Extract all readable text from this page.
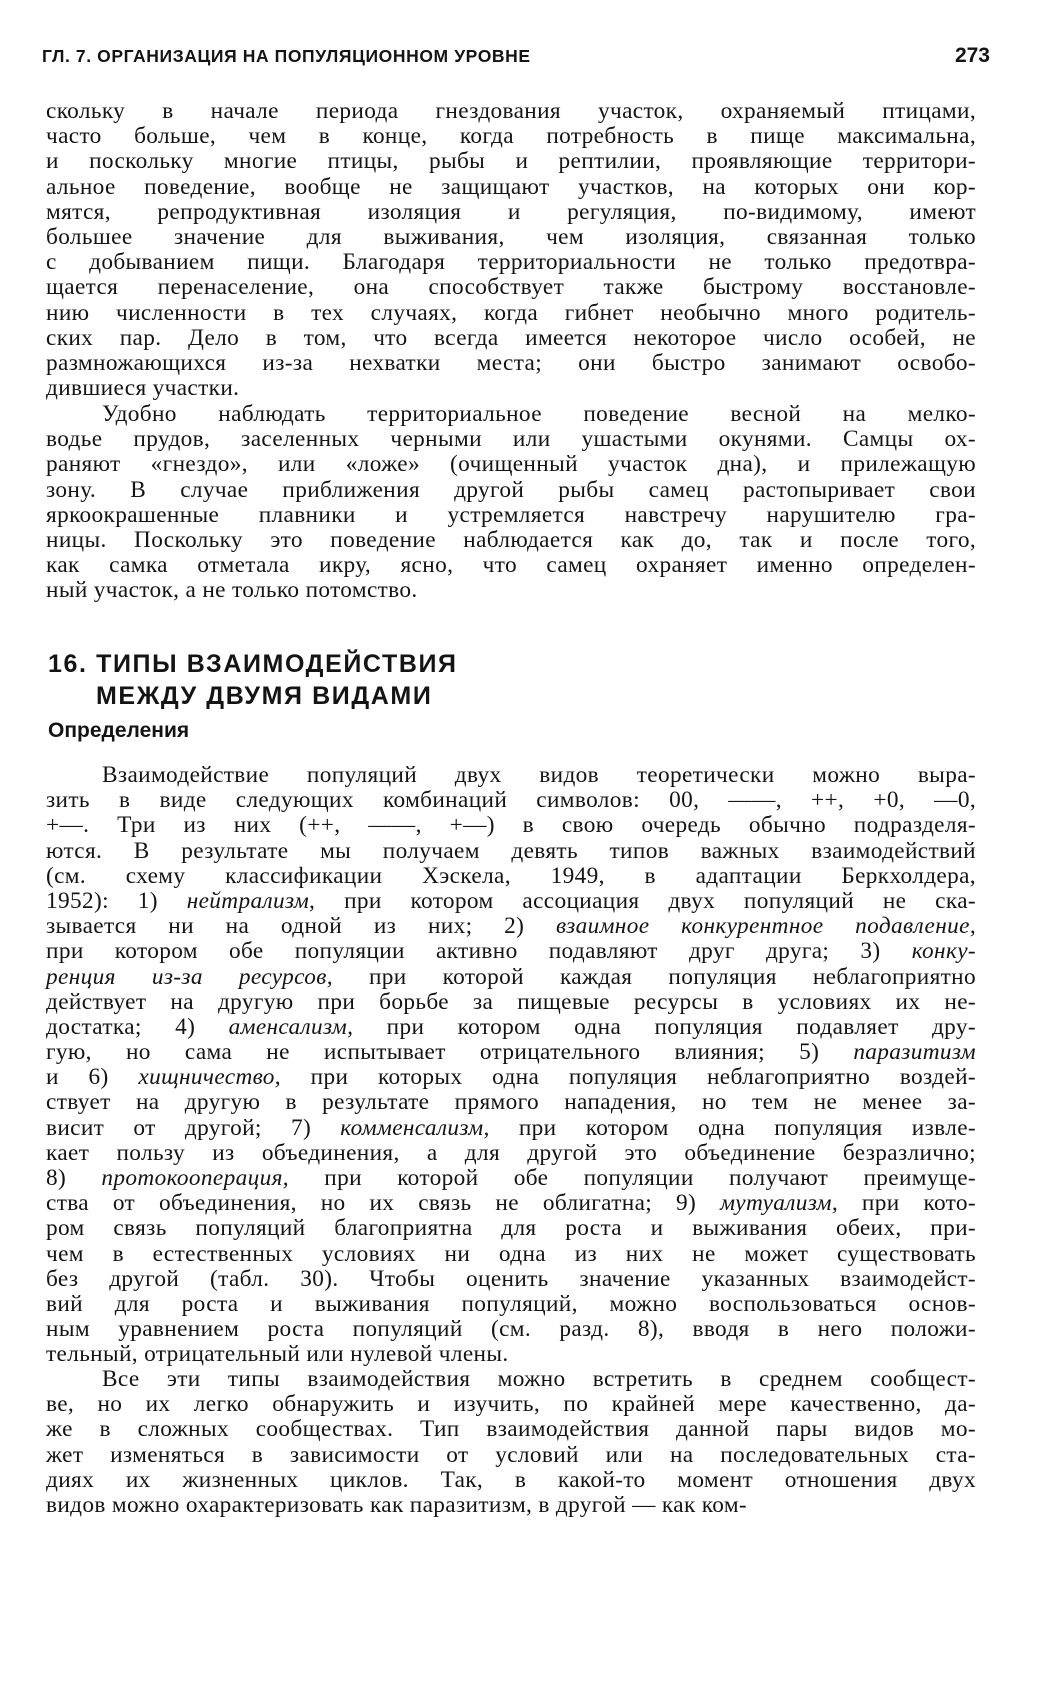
ГЛ. 7. ОРГАНИЗАЦИЯ НА ПОПУЛЯЦИОННОМ УРОВНЕ	273
скольку в начале периода гнездования участок, охраняемый птицами,
часто больше, чем в конце, когда потребность в пище максимальна,
и поскольку многие птицы, рыбы и рептилии, проявляющие территори-
альное поведение, вообще не защищают участков, на которых они кор-
мятся, репродуктивная изоляция и регуляция, по-видимому, имеют
большее значение для выживания, чем изоляция, связанная только
с добыванием пищи. Благодаря территориальности не только предотвра-
щается перенаселение, она способствует также быстрому восстановле-
нию численности в тех случаях, когда гибнет необычно много родитель-
ских пар. Дело в том, что всегда имеется некоторое число особей, не
размножающихся из-за нехватки места; они быстро занимают освобо-
дившиеся участки.
Удобно наблюдать территориальное поведение весной на мелко-
водье прудов, заселенных черными или ушастыми окунями. Самцы ох-
раняют «гнездо», или «ложе» (очищенный участок дна), и прилежащую
зону. В случае приближения другой рыбы самец растопыривает свои
яркоокрашенные плавники и устремляется навстречу нарушителю гра-
ницы. Поскольку это поведение наблюдается как до, так и после того,
как самка отметала икру, ясно, что самец охраняет именно определен-
ный участок, а не только потомство.
16. ТИПЫ ВЗАИМОДЕЙСТВИЯ
МЕЖДУ ДВУМЯ ВИДАМИ
Определения
Взаимодействие популяций двух видов теоретически можно выра-
зить в виде следующих комбинаций символов: 00, ——, ++, +0, —0,
+—. Три из них (++, ——, +—) в свою очередь обычно подразделя-
ются. В результате мы получаем девять типов важных взаимодействий
(см. схему классификации Хэскела, 1949, в адаптации Беркхолдера,
1952): 1) нейтрализм, при котором ассоциация двух популяций не ска-
зывается ни на одной из них; 2) взаимное конкурентное подавление,
при котором обе популяции активно подавляют друг друга; 3) конку-
ренция из-за ресурсов, при которой каждая популяция неблагоприятно
действует на другую при борьбе за пищевые ресурсы в условиях их не-
достатка; 4) аменсализм, при котором одна популяция подавляет дру-
гую, но сама не испытывает отрицательного влияния; 5) паразитизм
и 6) хищничество, при которых одна популяция неблагоприятно воздей-
ствует на другую в результате прямого нападения, но тем не менее за-
висит от другой; 7) комменсализм, при котором одна популяция извле-
кает пользу из объединения, а для другой это объединение безразлично;
8) протокооперация, при которой обе популяции получают преимуще-
ства от объединения, но их связь не облигатна; 9) мутуализм, при кото-
ром связь популяций благоприятна для роста и выживания обеих, при-
чем в естественных условиях ни одна из них не может существовать
без другой (табл. 30). Чтобы оценить значение указанных взаимодейст-
вий для роста и выживания популяций, можно воспользоваться основ-
ным уравнением роста популяций (см. разд. 8), вводя в него положи-
тельный, отрицательный или нулевой члены.
Все эти типы взаимодействия можно встретить в среднем сообщест-
ве, но их легко обнаружить и изучить, по крайней мере качественно, да-
же в сложных сообществах. Тип взаимодействия данной пары видов мо-
жет изменяться в зависимости от условий или на последовательных ста-
диях их жизненных циклов. Так, в какой-то момент отношения двух
видов можно охарактеризовать как паразитизм, в другой — как ком-
